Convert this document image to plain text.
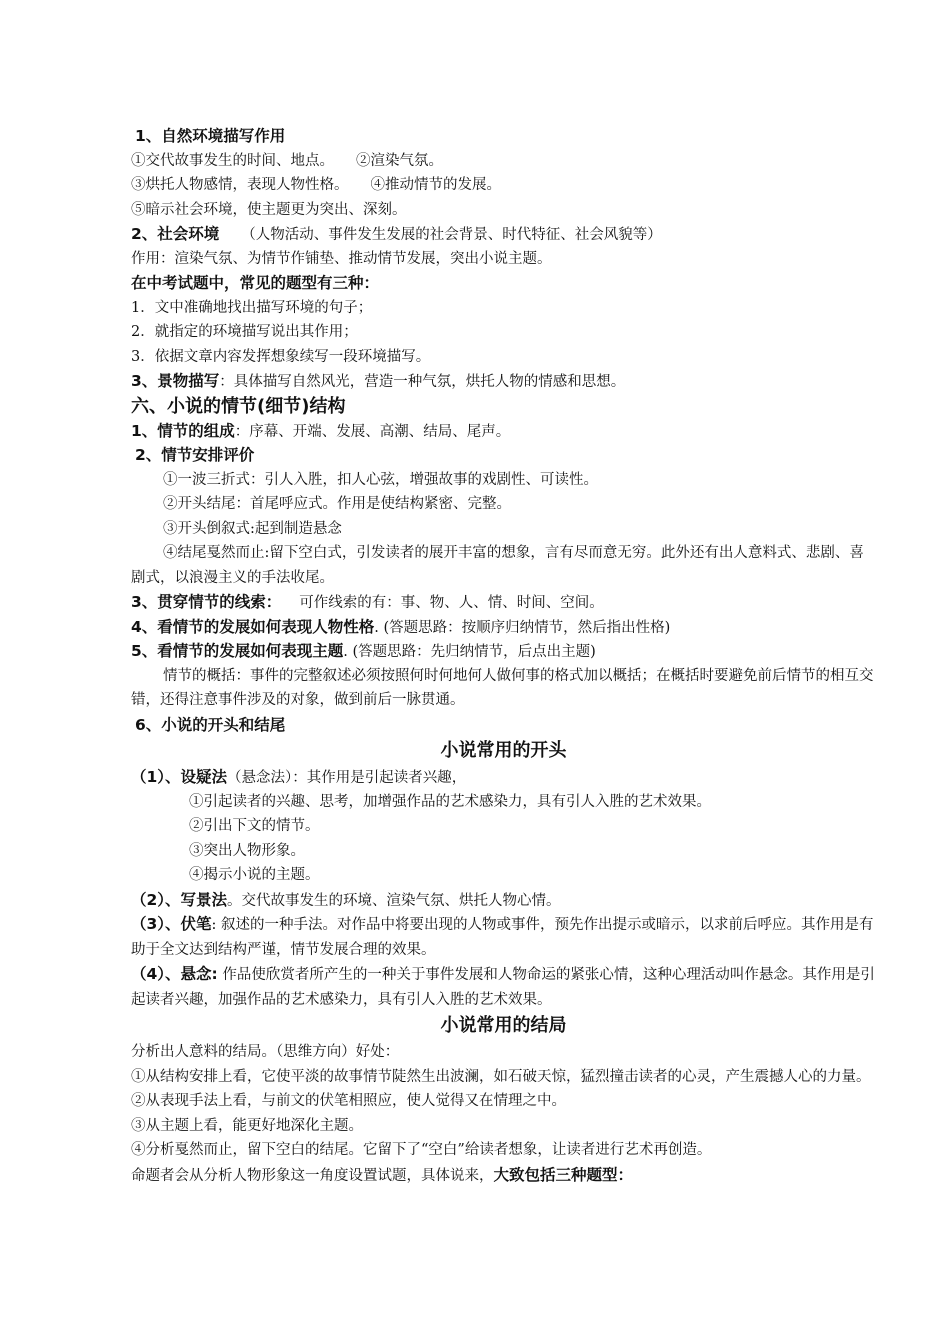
1、自然环境描写作用
①交代故事发生的时间、地点。 ②渲染气氛。
③烘托人物感情，表现人物性格。 ④推动情节的发展。
⑤暗示社会环境，使主题更为突出、深刻。
2、社会环境 （人物活动、事件发生发展的社会背景、时代特征、社会风貌等）
作用：渲染气氛、为情节作铺垫、推动情节发展，突出小说主题。
在中考试题中，常见的题型有三种：
1．文中准确地找出描写环境的句子；
2．就指定的环境描写说出其作用；
3．依据文章内容发挥想象续写一段环境描写。
3、景物描写：具体描写自然风光，营造一种气氛，烘托人物的情感和思想。
六、小说的情节(细节)结构
1、情节的组成：序幕、开端、发展、高潮、结局、尾声。
2、情节安排评价
①一波三折式：引人入胜，扣人心弦，增强故事的戏剧性、可读性。
②开头结尾：首尾呼应式。作用是使结构紧密、完整。
③开头倒叙式:起到制造悬念
④结尾戛然而止:留下空白式，引发读者的展开丰富的想象，言有尽而意无穷。此外还有出人意料式、悲剧、喜剧式，以浪漫主义的手法收尾。
3、贯穿情节的线索： 可作线索的有：事、物、人、情、时间、空间。
4、看情节的发展如何表现人物性格. (答题思路：按顺序归纳情节，然后指出性格)
5、看情节的发展如何表现主题. (答题思路：先归纳情节，后点出主题)
情节的概括：事件的完整叙述必须按照何时何地何人做何事的格式加以概括；在概括时要避免前后情节的相互交错，还得注意事件涉及的对象，做到前后一脉贯通。
6、小说的开头和结尾
小说常用的开头
（1）、设疑法（悬念法）：其作用是引起读者兴趣，
①引起读者的兴趣、思考，加增强作品的艺术感染力，具有引人入胜的艺术效果。
②引出下文的情节。
③突出人物形象。
④揭示小说的主题。
（2）、写景法。交代故事发生的环境、渲染气氛、烘托人物心情。
（3）、伏笔: 叙述的一种手法。对作品中将要出现的人物或事件，预先作出提示或暗示，以求前后呼应。其作用是有助于全文达到结构严谨，情节发展合理的效果。
（4）、悬念: 作品使欣赏者所产生的一种关于事件发展和人物命运的紧张心情，这种心理活动叫作悬念。其作用是引起读者兴趣，加强作品的艺术感染力，具有引人入胜的艺术效果。
小说常用的结局
分析出人意料的结局。（思维方向）好处：
①从结构安排上看，它使平淡的故事情节陡然生出波澜，如石破天惊，猛烈撞击读者的心灵，产生震撼人心的力量。
②从表现手法上看，与前文的伏笔相照应，使人觉得又在情理之中。
③从主题上看，能更好地深化主题。
④分析戛然而止，留下空白的结尾。它留下了“空白”给读者想象，让读者进行艺术再创造。
命题者会从分析人物形象这一角度设置试题，具体说来，大致包括三种题型：
